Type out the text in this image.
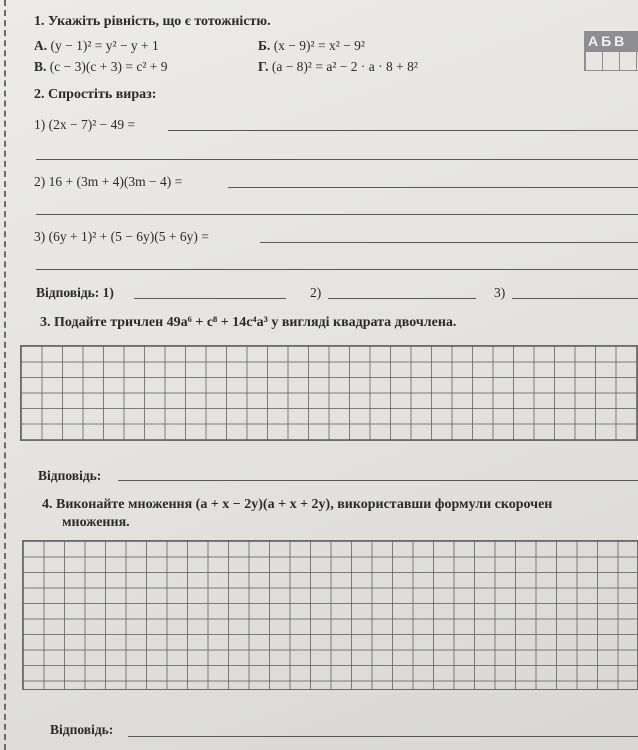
1. Укажіть рівність, що є тотожністю.
А. (y − 1)² = y² − y + 1	Б. (x − 9)² = x² − 9²
В. (c − 3)(c + 3) = c² + 9	Г. (a − 8)² = a² − 2 · a · 8 + 8²
АБВ
2. Спростіть вираз:
1) (2x − 7)² − 49 =
2) 16 + (3m + 4)(3m − 4) =
3) (6y + 1)² + (5 − 6y)(5 + 6y) =
Відповідь: 1)	2)	3)
3. Подайте тричлен 49a⁶ + c⁸ + 14c⁴a³ у вигляді квадрата двочлена.
Відповідь:
4. Виконайте множення (a + x − 2y)(a + x + 2y), використавши формули скорочен
множення.
Відповідь:
